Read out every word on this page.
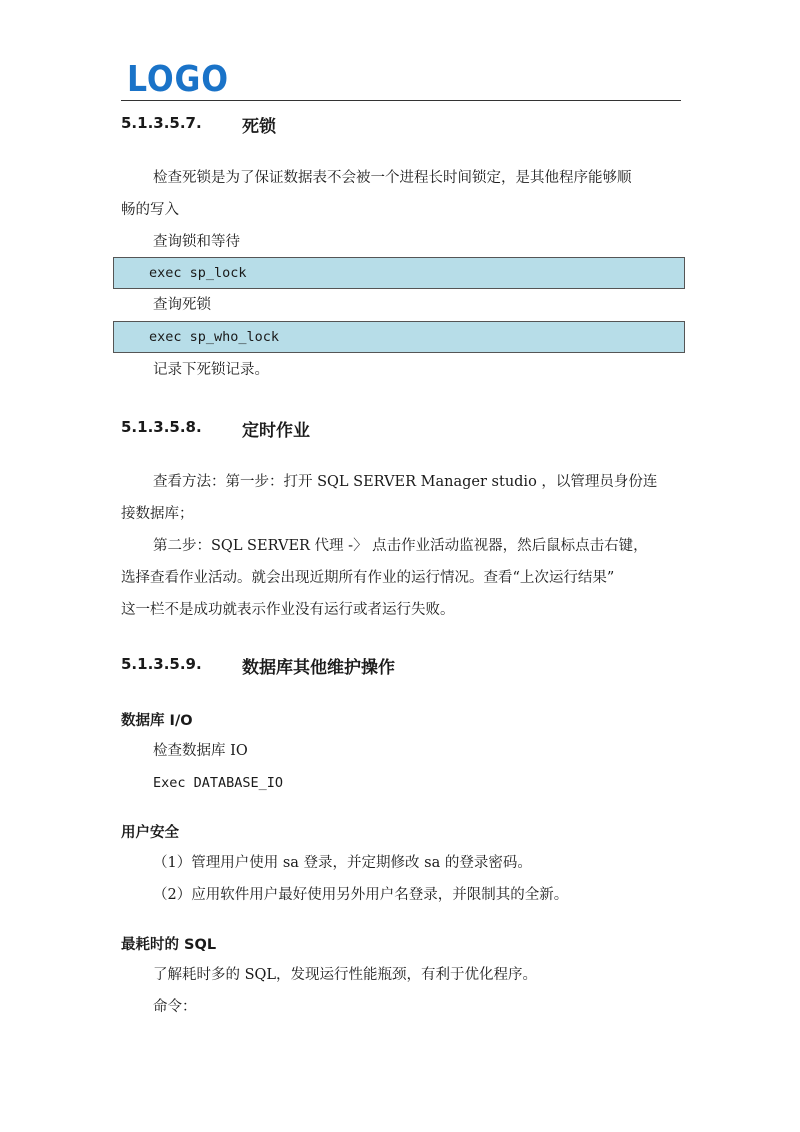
LOGO
5.1.3.5.7. 死锁
检查死锁是为了保证数据表不会被一个进程长时间锁定，是其他程序能够顺
畅的写入
查询锁和等待
exec sp_lock
查询死锁
exec sp_who_lock
记录下死锁记录。
5.1.3.5.8. 定时作业
查看方法：第一步：打开 SQL SERVER Manager studio ，以管理员身份连
接数据库；
第二步：SQL SERVER 代理 -〉 点击作业活动监视器，然后鼠标点击右键，
选择查看作业活动。就会出现近期所有作业的运行情况。查看“上次运行结果”
这一栏不是成功就表示作业没有运行或者运行失败。
5.1.3.5.9. 数据库其他维护操作
数据库 I/O
检查数据库 IO
Exec DATABASE_IO
用户安全
（1）管理用户使用 sa 登录，并定期修改 sa 的登录密码。
（2）应用软件用户最好使用另外用户名登录，并限制其的全新。
最耗时的 SQL
了解耗时多的 SQL，发现运行性能瓶颈，有利于优化程序。
命令：
